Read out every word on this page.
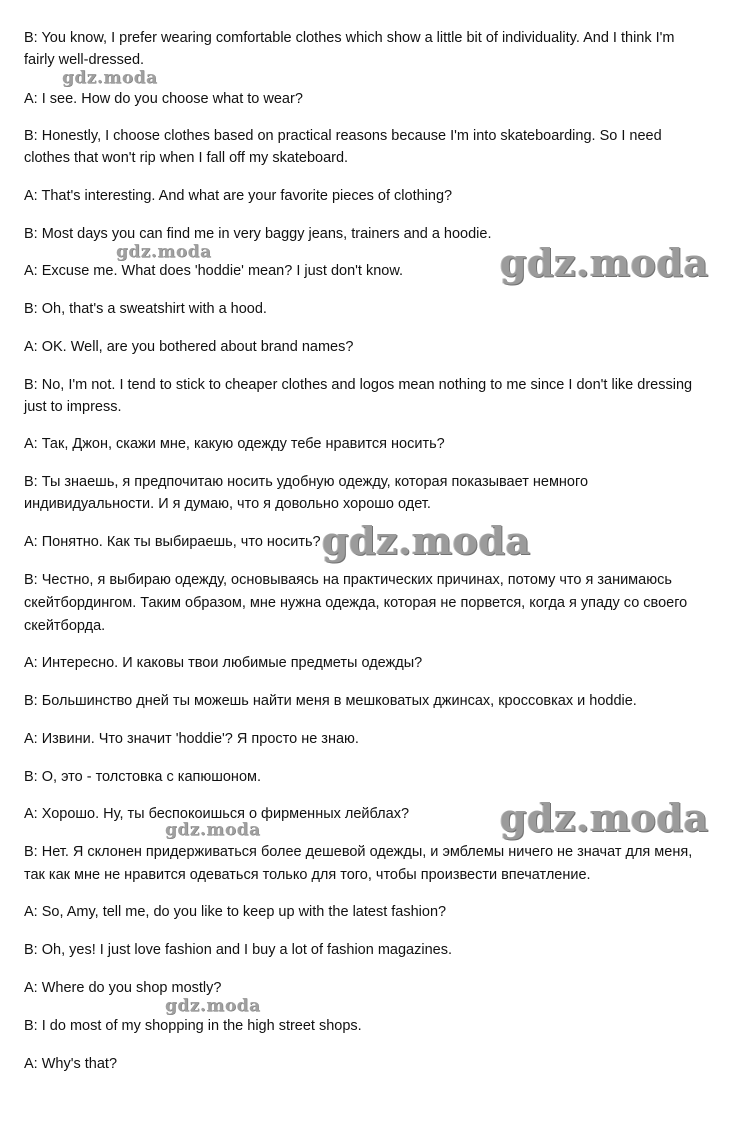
B: You know, I prefer wearing comfortable clothes which show a little bit of individuality. And I think I'm

fairly well-dressed.

A: I see. How do you choose what to wear?

B: Honestly, I choose clothes based on practical reasons because I'm into skateboarding. So I need

clothes that won't rip when I fall off my skateboard.

A: That's interesting. And what are your favorite pieces of clothing?

B: Most days you can find me in very baggy jeans, trainers and a hoodie.

A: Excuse me. What does 'hoddie' mean? I just don't know.

B: Oh, that's a sweatshirt with a hood.

A: OK. Well, are you bothered about brand names?

B: No, I'm not. I tend to stick to cheaper clothes and logos mean nothing to me since I don't like dressing

just to impress.

A: Так, Джон, скажи мне, какую одежду тебе нравится носить?

B: Ты знаешь, я предпочитаю носить удобную одежду, которая показывает немного

индивидуальности. И я думаю, что я довольно хорошо одет.

A: Понятно. Как ты выбираешь, что носить?

B: Честно, я выбираю одежду, основываясь на практических причинах, потому что я занимаюсь

скейтбордингом. Таким образом, мне нужна одежда, которая не порвется, когда я упаду со своего

скейтборда.

A: Интересно. И каковы твои любимые предметы одежды?

B: Большинство дней ты можешь найти меня в мешковатых джинсах, кроссовках и hoddie.

A: Извини. Что значит 'hoddie'? Я просто не знаю.

B: О, это - толстовка с капюшоном.

A: Хорошо. Ну, ты беспокоишься о фирменных лейблах?

B: Нет. Я склонен придерживаться более дешевой одежды, и эмблемы ничего не значат для меня,

так как мне не нравится одеваться только для того, чтобы произвести впечатление.

A: So, Amy, tell me, do you like to keep up with the latest fashion?

B: Oh, yes! I just love fashion and I buy a lot of fashion magazines.

A: Where do you shop mostly?

B: I do most of my shopping in the high street shops.

A: Why's that?

gdz.moda
gdz.moda	gdz.moda
gdz.moda
gdz.moda
gdz.moda
gdz.moda
